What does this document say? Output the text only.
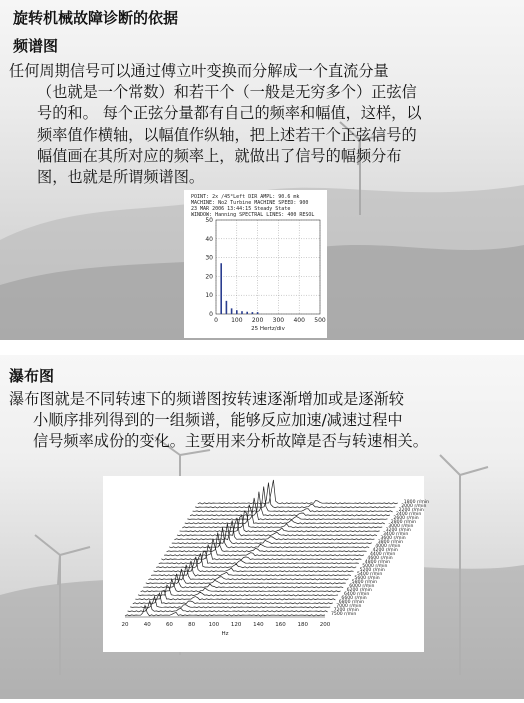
旋转机械故障诊断的依据
频谱图
任何周期信号可以通过傅立叶变换而分解成一个直流分量
（也就是一个常数）和若干个（一般是无穷多个）正弦信
号的和。 每个正弦分量都有自己的频率和幅值，这样，以
频率值作横轴，以幅值作纵轴，把上述若干个正弦信号的
幅值画在其所对应的频率上，就做出了信号的幅频分布
图，也就是所谓频谱图。
POINT: 2x /45°Left DIR AMPL: 90.6 mk
MACHINE: No2 Turbine MACHINE SPEED: 900
23 MAR 2006 13:44:15 Steady State
WINDOW: Hanning SPECTRAL LINES: 400 RESOL
0 100 200 300 400 500
0
10
20
30
40
50
25 Hertz/div
瀑布图
瀑布图就是不同转速下的频谱图按转速逐渐增加或是逐渐较
小顺序排列得到的一组频谱，能够反应加速/减速过程中
信号频率成份的变化。主要用来分析故障是否与转速相关。
1800 r/min
2000 r/min
2200 r/min
2400 r/min
2600 r/min
2800 r/min
3000 r/min
3200 r/min
3400 r/min
3600 r/min
3800 r/min
4000 r/min
4200 r/min
4400 r/min
4600 r/min
4800 r/min
5000 r/min
5200 r/min
5400 r/min
5600 r/min
5800 r/min
6000 r/min
6200 r/min
6400 r/min
6600 r/min
6800 r/min
7000 r/min
7200 r/min
7500 r/min
20	40	60	80 100 120 140 160 180 200
Hz
